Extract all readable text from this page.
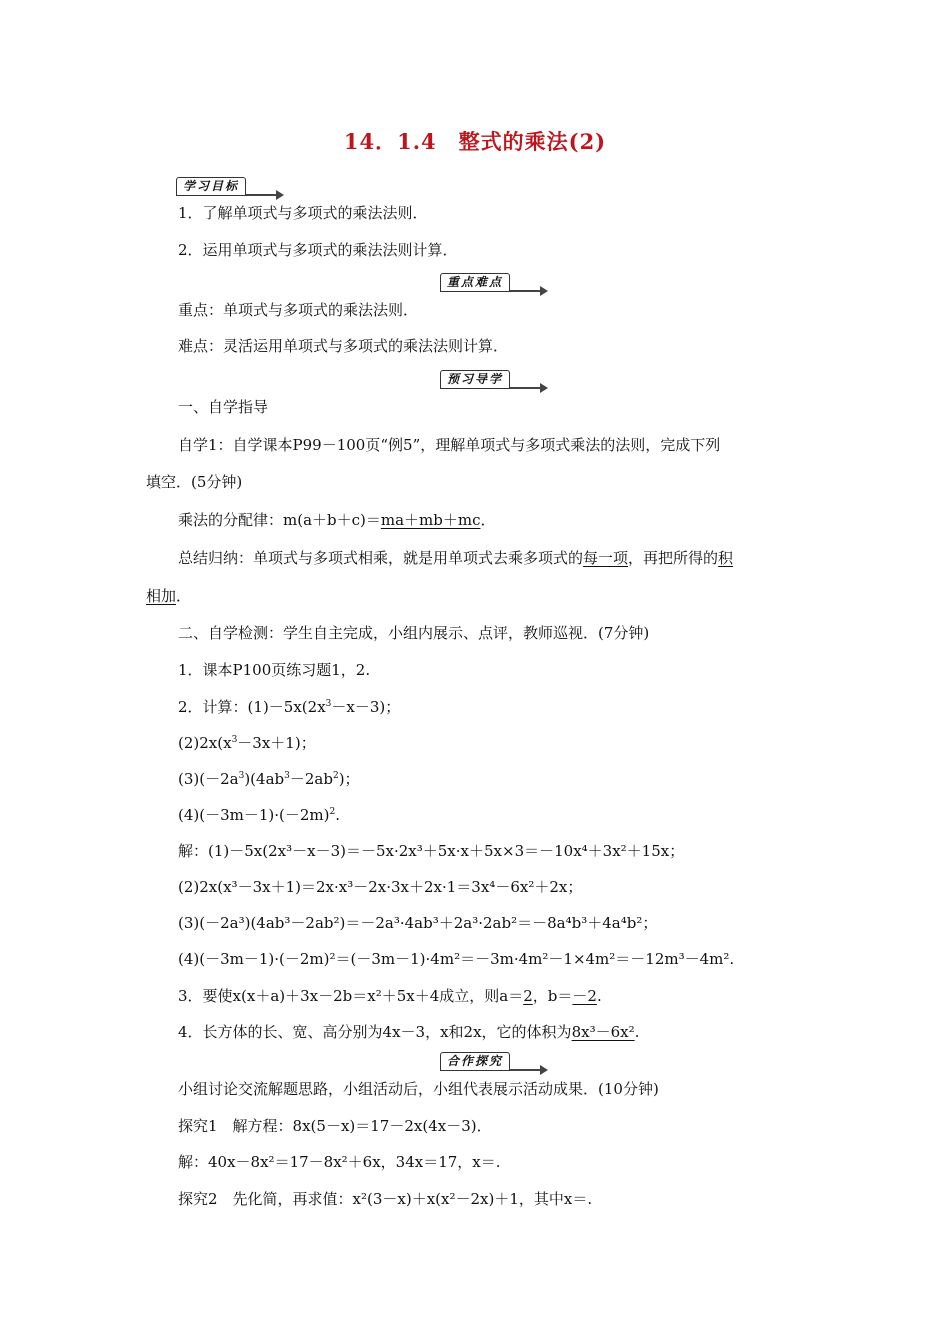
14．1.4　整式的乘法(2)
学习目标
1．了解单项式与多项式的乘法法则．
2．运用单项式与多项式的乘法法则计算．
重点难点
重点：单项式与多项式的乘法法则．
难点：灵活运用单项式与多项式的乘法法则计算．
预习导学
一、自学指导
自学1：自学课本P99－100页“例5”，理解单项式与多项式乘法的法则，完成下列
填空．(5分钟)
乘法的分配律：m(a＋b＋c)＝ma＋mb＋mc．
总结归纳：单项式与多项式相乘，就是用单项式去乘多项式的每一项，再把所得的积
相加．
二、自学检测：学生自主完成，小组内展示、点评，教师巡视．(7分钟)
1．课本P100页练习题1，2.
2．计算：$(1)-5x(2x^3-x-3)$；
$(2)2x(x^3-3x+1)$；
$(3)(-2a^3)(4ab^3-2ab^2)$；
$(4)(-3m-1)\cdot(-2m)^2$.
解：(1)－5x(2x³－x－3)＝－5x·2x³＋5x·x＋5x×3＝－10x⁴＋3x²＋15x；
(2)2x(x³－3x＋1)＝2x·x³－2x·3x＋2x·1＝3x⁴－6x²＋2x；
(3)(－2a³)(4ab³－2ab²)＝－2a³·4ab³＋2a³·2ab²＝－8a⁴b³＋4a⁴b²；
(4)(－3m－1)·(－2m)²＝(－3m－1)·4m²＝－3m·4m²－1×4m²＝－12m³－4m².
3．要使x(x＋a)＋3x－2b＝x²＋5x＋4成立，则a＝2，b＝－2.
4．长方体的长、宽、高分别为4x－3，x和2x，它的体积为8x³－6x².
合作探究
小组讨论交流解题思路，小组活动后，小组代表展示活动成果．(10分钟)
探究1　解方程：8x(5－x)＝17－2x(4x－3)．
解：40x－8x²＝17－8x²＋6x，34x＝17，x＝.
探究2　先化简，再求值：x²(3－x)＋x(x²－2x)＋1，其中x＝.
